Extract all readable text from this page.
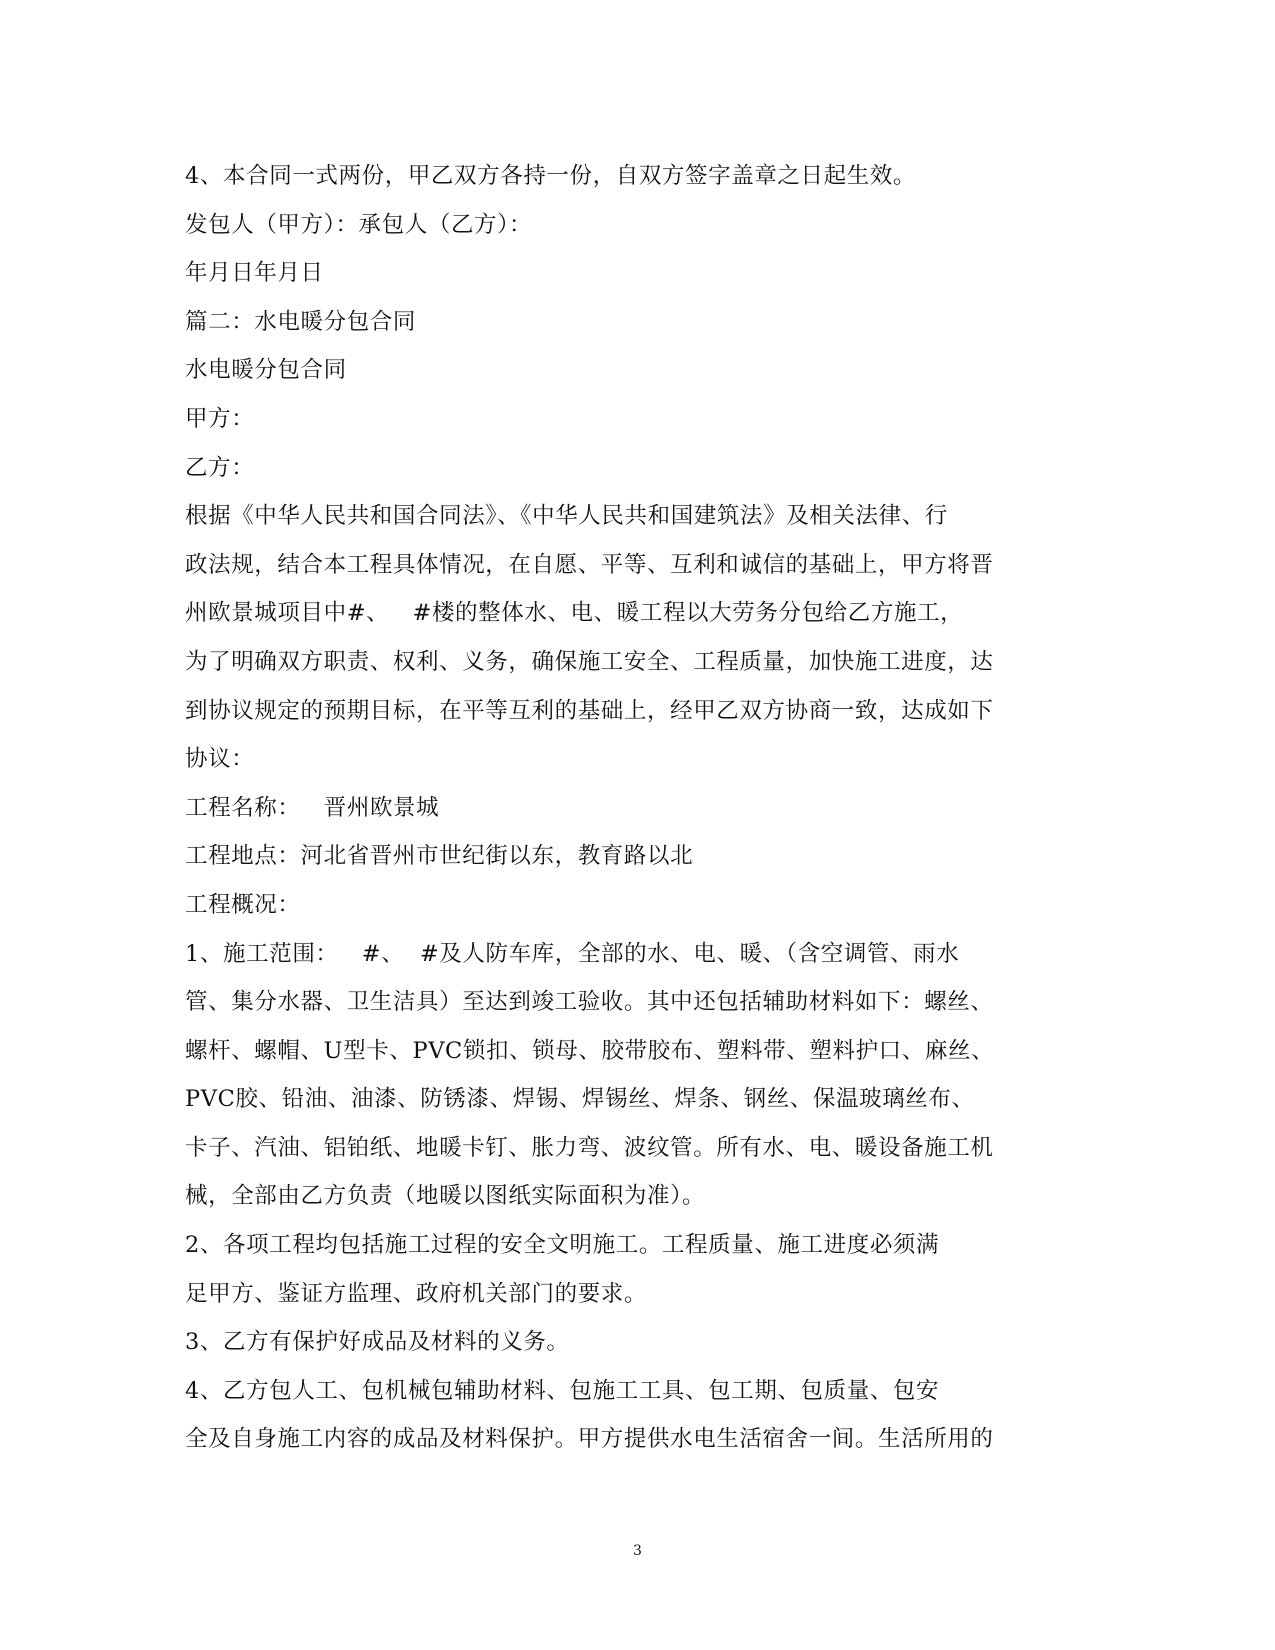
4、本合同一式两份，甲乙双方各持一份，自双方签字盖章之日起生效。
发包人（甲方）：承包人（乙方）：
年月日年月日
篇二：水电暖分包合同
水电暖分包合同
甲方：
乙方：
根据《中华人民共和国合同法》、《中华人民共和国建筑法》及相关法律、行
政法规，结合本工程具体情况，在自愿、平等、互利和诚信的基础上，甲方将晋
州欧景城项目中#、   #楼的整体水、电、暖工程以大劳务分包给乙方施工，
为了明确双方职责、权利、义务，确保施工安全、工程质量，加快施工进度，达
到协议规定的预期目标，在平等互利的基础上，经甲乙双方协商一致，达成如下
协议：
工程名称：   晋州欧景城
工程地点：河北省晋州市世纪街以东，教育路以北
工程概况：
1、施工范围：   #、  #及人防车库，全部的水、电、暖、（含空调管、雨水
管、集分水器、卫生洁具）至达到竣工验收。其中还包括辅助材料如下：螺丝、
螺杆、螺帽、U型卡、PVC锁扣、锁母、胶带胶布、塑料带、塑料护口、麻丝、
PVC胶、铅油、油漆、防锈漆、焊锡、焊锡丝、焊条、钢丝、保温玻璃丝布、
卡子、汽油、铝铂纸、地暖卡钉、胀力弯、波纹管。所有水、电、暖设备施工机
械，全部由乙方负责（地暖以图纸实际面积为准）。
2、各项工程均包括施工过程的安全文明施工。工程质量、施工进度必须满
足甲方、鉴证方监理、政府机关部门的要求。
3、乙方有保护好成品及材料的义务。
4、乙方包人工、包机械包辅助材料、包施工工具、包工期、包质量、包安
全及自身施工内容的成品及材料保护。甲方提供水电生活宿舍一间。生活所用的
3
